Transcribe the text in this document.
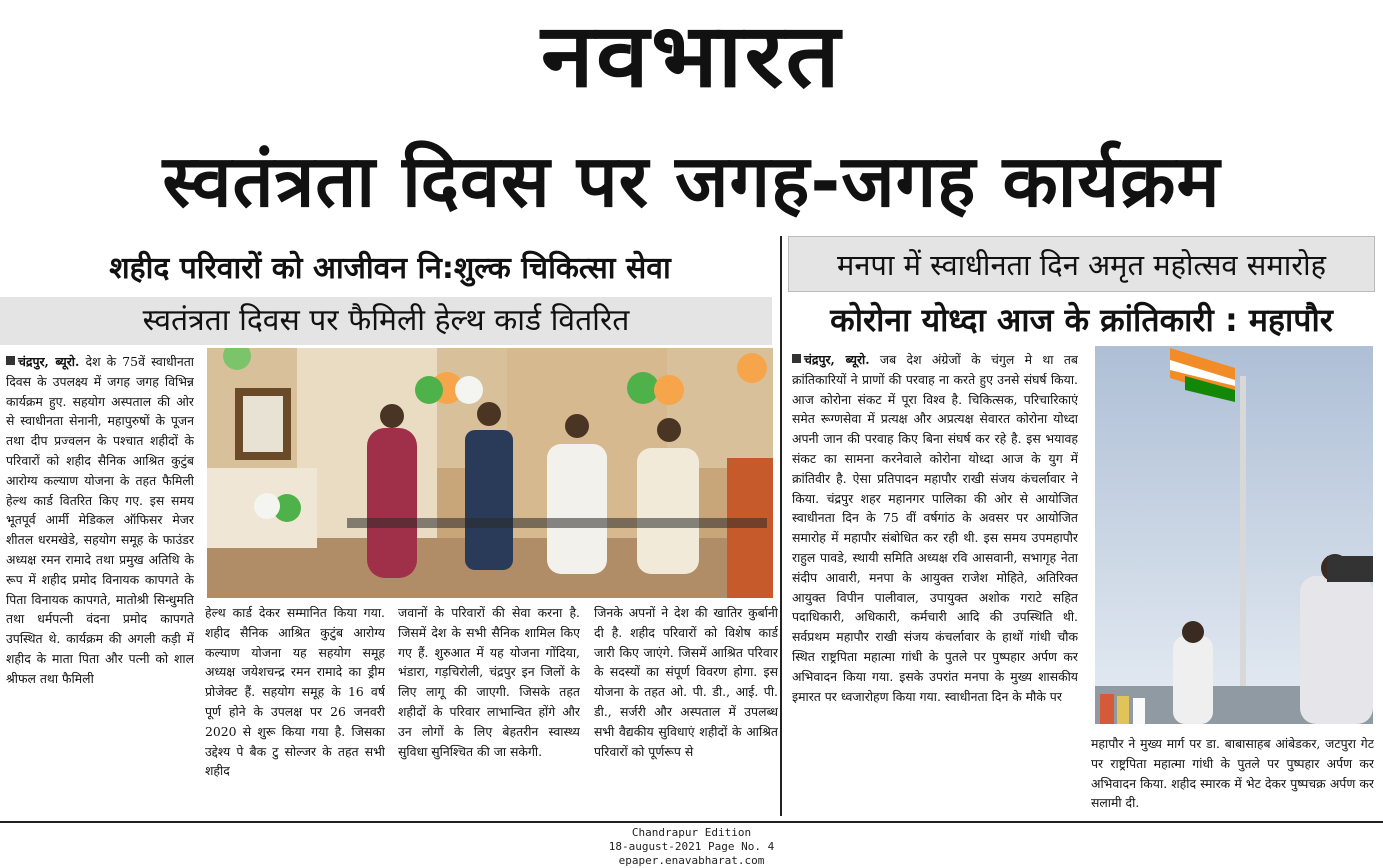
नवभारत
स्वतंत्रता दिवस पर जगह-जगह कार्यक्रम
शहीद परिवारों को आजीवन नि:शुल्क चिकित्सा सेवा
स्वतंत्रता दिवस पर फैमिली हेल्थ कार्ड वितरित

चंद्रपुर, ब्यूरो. देश के 75वें स्वाधीनता दिवस के उपलक्ष्य में जगह जगह विभिन्न कार्यक्रम हुए. सहयोग अस्पताल की ओर से स्वाधीनता सेनानी, महापुरुषों के पूजन तथा दीप प्रज्वलन के पश्चात शहीदों के परिवारों को शहीद सैनिक आश्रित कुटुंब आरोग्य कल्याण योजना के तहत फैमिली हेल्थ कार्ड वितरित किए गए. इस समय भूतपूर्व आर्मी मेडिकल ऑफिसर मेजर शीतल धरमखेडे, सहयोग समूह के फाउंडर अध्यक्ष रमन रामादे तथा प्रमुख अतिथि के रूप में शहीद प्रमोद विनायक कापगते के पिता विनायक कापगते, मातोश्री सिन्धुमति तथा धर्मपत्नी वंदना प्रमोद कापगते उपस्थित थे. कार्यक्रम की अगली कड़ी में शहीद के माता पिता और पत्नी को शाल श्रीफल तथा फैमिली

हेल्थ कार्ड देकर सम्मानित किया गया. शहीद सैनिक आश्रित कुटुंब आरोग्य कल्याण योजना यह सहयोग समूह अध्यक्ष जयेशचन्द्र रमन रामादे का ड्रीम प्रोजेक्ट हैं. सहयोग समूह के 16 वर्ष पूर्ण होने के उपलक्ष पर 26 जनवरी 2020 से शुरू किया गया है. जिसका उद्देश्य पे बैक टु सोल्जर के तहत सभी शहीद

जवानों के परिवारों की सेवा करना है. जिसमें देश के सभी सैनिक शामिल किए गए हैं. शुरुआत में यह योजना गोंदिया, भंडारा, गड़चिरोली, चंद्रपुर इन जिलों के लिए लागू की जाएगी. जिसके तहत शहीदों के परिवार लाभान्वित होंगे और उन लोगों के लिए बेहतरीन स्वास्थ्य सुविधा सुनिश्चित की जा सकेगी.

जिनके अपनों ने देश की खातिर कुर्बानी दी है. शहीद परिवारों को विशेष कार्ड जारी किए जाएंगे. जिसमें आश्रित परिवार के सदस्यों का संपूर्ण विवरण होगा. इस योजना के तहत ओ. पी. डी., आई. पी. डी., सर्जरी और अस्पताल में उपलब्ध सभी वैद्यकीय सुविधाएं शहीदों के आश्रित परिवारों को पूर्णरूप से

मनपा में स्वाधीनता दिन अमृत महोत्सव समारोह
कोरोना योध्दा आज के क्रांतिकारी : महापौर

चंद्रपुर, ब्यूरो. जब देश अंग्रेजों के चंगुल मे था तब क्रांतिकारियों ने प्राणों की परवाह ना करते हुए उनसे संघर्ष किया. आज कोरोना संकट में पूरा विश्व है. चिकित्सक, परिचारिकाएं समेत रूग्णसेवा में प्रत्यक्ष और अप्रत्यक्ष सेवारत कोरोना योध्दा अपनी जान की परवाह किए बिना संघर्ष कर रहे है. इस भयावह संकट का सामना करनेवाले कोरोना योध्दा आज के युग में क्रांतिवीर है. ऐसा प्रतिपादन महापौर राखी संजय कंचर्लावार ने किया. चंद्रपुर शहर महानगर पालिका की ओर से आयोजित स्वाधीनता दिन के 75 वीं वर्षगांठ के अवसर पर आयोजित समारोह में महापौर संबोधित कर रही थी. इस समय उपमहापौर राहुल पावडे, स्थायी समिति अध्यक्ष रवि आसवानी, सभागृह नेता संदीप आवारी, मनपा के आयुक्त राजेश मोहिते, अतिरिक्त आयुक्त विपीन पालीवाल, उपायुक्त अशोक गराटे सहित पदाधिकारी, अधिकारी, कर्मचारी आदि की उपस्थिति थी. सर्वप्रथम महापौर राखी संजय कंचर्लावार के हाथों गांधी चौक स्थित राष्ट्रपिता महात्मा गांधी के पुतले पर पुष्पहार अर्पण कर अभिवादन किया गया. इसके उपरांत मनपा के मुख्य शासकीय इमारत पर ध्वजारोहण किया गया. स्वाधीनता दिन के मौके पर

महापौर ने मुख्य मार्ग पर डा. बाबासाहब आंबेडकर, जटपुरा गेट पर राष्ट्रपिता महात्मा गांधी के पुतले पर पुष्पहार अर्पण कर अभिवादन किया. शहीद स्मारक में भेट देकर पुष्पचक्र अर्पण कर सलामी दी.

Chandrapur Edition
18-august-2021 Page No. 4
epaper.enavabharat.com
